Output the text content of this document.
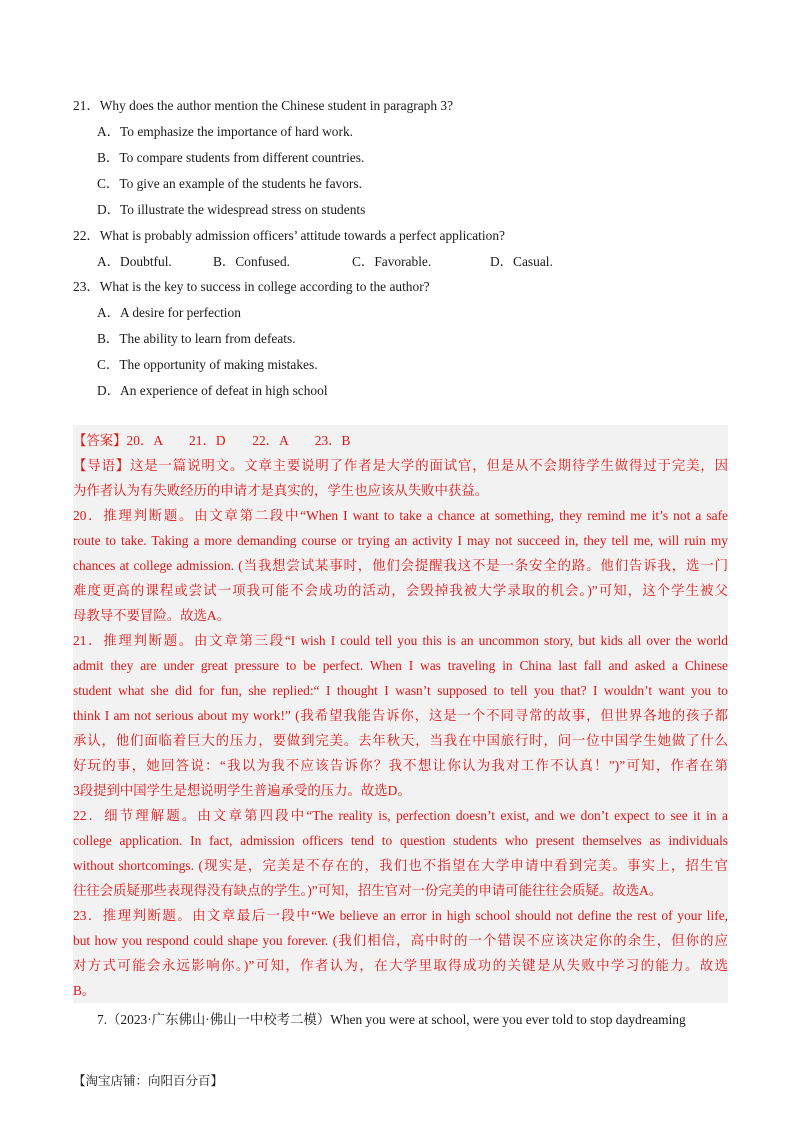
21．Why does the author mention the Chinese student in paragraph 3?
A．To emphasize the importance of hard work.
B．To compare students from different countries.
C．To give an example of the students he favors.
D．To illustrate the widespread stress on students
22．What is probably admission officers’ attitude towards a perfect application?
A．Doubtful.	B．Confused.	C．Favorable.	D．Casual.
23．What is the key to success in college according to the author?
A．A desire for perfection
B．The ability to learn from defeats.
C．The opportunity of making mistakes.
D．An experience of defeat in high school
【答案】20．A　　21．D　　22．A　　23．B
【导语】这是一篇说明文。文章主要说明了作者是大学的面试官，但是从不会期待学生做得过于完美，因
为作者认为有失败经历的申请才是真实的，学生也应该从失败中获益。
20．推理判断题。由文章第二段中“When I want to take a chance at something, they remind me it’s not a safe
route to take. Taking a more demanding course or trying an activity I may not succeed in, they tell me, will ruin my
chances at college admission. (当我想尝试某事时，他们会提醒我这不是一条安全的路。他们告诉我，选一门
难度更高的课程或尝试一项我可能不会成功的活动，会毁掉我被大学录取的机会。)”可知，这个学生被父
母教导不要冒险。故选A。
21．推理判断题。由文章第三段“I wish I could tell you this is an uncommon story, but kids all over the world
admit they are under great pressure to be perfect. When I was traveling in China last fall and asked a Chinese
student what she did for fun, she replied:“ I thought I wasn’t supposed to tell you that? I wouldn’t want you to
think I am not serious about my work!” (我希望我能告诉你，这是一个不同寻常的故事，但世界各地的孩子都
承认，他们面临着巨大的压力，要做到完美。去年秋天，当我在中国旅行时，问一位中国学生她做了什么
好玩的事，她回答说：“我以为我不应该告诉你？我不想让你认为我对工作不认真！”)”可知，作者在第
3段提到中国学生是想说明学生普遍承受的压力。故选D。
22．细节理解题。由文章第四段中“The reality is, perfection doesn’t exist, and we don’t expect to see it in a
college application. In fact, admission officers tend to question students who present themselves as individuals
without shortcomings. (现实是，完美是不存在的，我们也不指望在大学申请中看到完美。事实上，招生官
往往会质疑那些表现得没有缺点的学生。)”可知，招生官对一份完美的申请可能往往会质疑。故选A。
23．推理判断题。由文章最后一段中“We believe an error in high school should not define the rest of your life,
but how you respond could shape you forever. (我们相信，高中时的一个错误不应该决定你的余生，但你的应
对方式可能会永远影响你。)”可知，作者认为，在大学里取得成功的关键是从失败中学习的能力。故选
B。
7.（2023·广东佛山·佛山一中校考二模）When you were at school, were you ever told to stop daydreaming
【淘宝店铺：向阳百分百】
